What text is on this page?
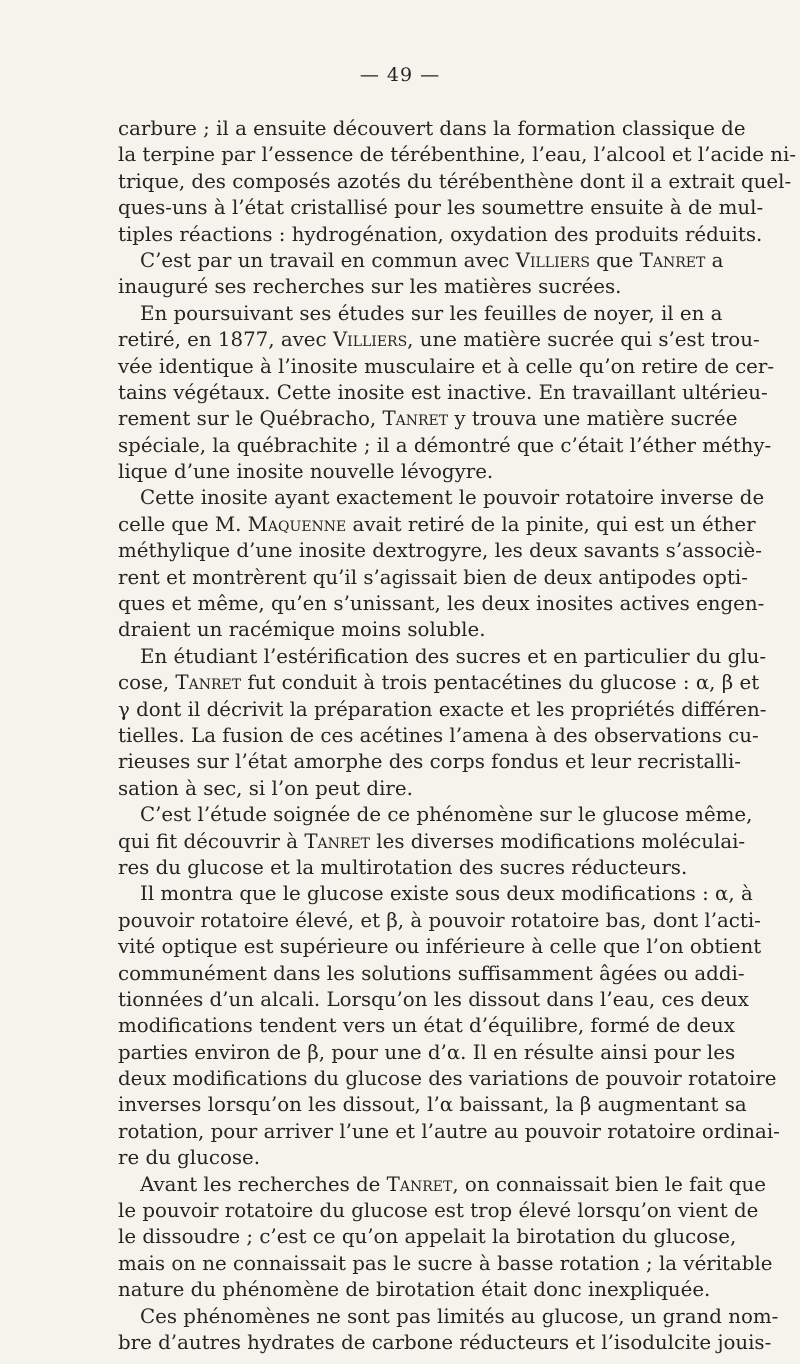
— 49 —
carbure ; il a ensuite découvert dans la formation classique de
la terpine par l’essence de térébenthine, l’eau, l’alcool et l’acide ni-
trique, des composés azotés du térébenthène dont il a extrait quel-
ques-uns à l’état cristallisé pour les soumettre ensuite à de mul-
tiples réactions : hydrogénation, oxydation des produits réduits.
C’est par un travail en commun avec Villiers que Tanret a
inauguré ses recherches sur les matières sucrées.
En poursuivant ses études sur les feuilles de noyer, il en a
retiré, en 1877, avec Villiers, une matière sucrée qui s’est trou-
vée identique à l’inosite musculaire et à celle qu’on retire de cer-
tains végétaux. Cette inosite est inactive. En travaillant ultérieu-
rement sur le Québracho, Tanret y trouva une matière sucrée
spéciale, la québrachite ; il a démontré que c’était l’éther méthy-
lique d’une inosite nouvelle lévogyre.
Cette inosite ayant exactement le pouvoir rotatoire inverse de
celle que M. Maquenne avait retiré de la pinite, qui est un éther
méthylique d’une inosite dextrogyre, les deux savants s’associè-
rent et montrèrent qu’il s’agissait bien de deux antipodes opti-
ques et même, qu’en s’unissant, les deux inosites actives engen-
draient un racémique moins soluble.
En étudiant l’estérification des sucres et en particulier du glu-
cose, Tanret fut conduit à trois pentacétines du glucose : α, β et
γ dont il décrivit la préparation exacte et les propriétés différen-
tielles. La fusion de ces acétines l’amena à des observations cu-
rieuses sur l’état amorphe des corps fondus et leur recristalli-
sation à sec, si l’on peut dire.
C’est l’étude soignée de ce phénomène sur le glucose même,
qui fit découvrir à Tanret les diverses modifications moléculai-
res du glucose et la multirotation des sucres réducteurs.
Il montra que le glucose existe sous deux modifications : α, à
pouvoir rotatoire élevé, et β, à pouvoir rotatoire bas, dont l’acti-
vité optique est supérieure ou inférieure à celle que l’on obtient
communément dans les solutions suffisamment âgées ou addi-
tionnées d’un alcali. Lorsqu’on les dissout dans l’eau, ces deux
modifications tendent vers un état d’équilibre, formé de deux
parties environ de β, pour une d’α. Il en résulte ainsi pour les
deux modifications du glucose des variations de pouvoir rotatoire
inverses lorsqu’on les dissout, l’α baissant, la β augmentant sa
rotation, pour arriver l’une et l’autre au pouvoir rotatoire ordinai-
re du glucose.
Avant les recherches de Tanret, on connaissait bien le fait que
le pouvoir rotatoire du glucose est trop élevé lorsqu’on vient de
le dissoudre ; c’est ce qu’on appelait la birotation du glucose,
mais on ne connaissait pas le sucre à basse rotation ; la véritable
nature du phénomène de birotation était donc inexpliquée.
Ces phénomènes ne sont pas limités au glucose, un grand nom-
bre d’autres hydrates de carbone réducteurs et l’isodulcite jouis-
